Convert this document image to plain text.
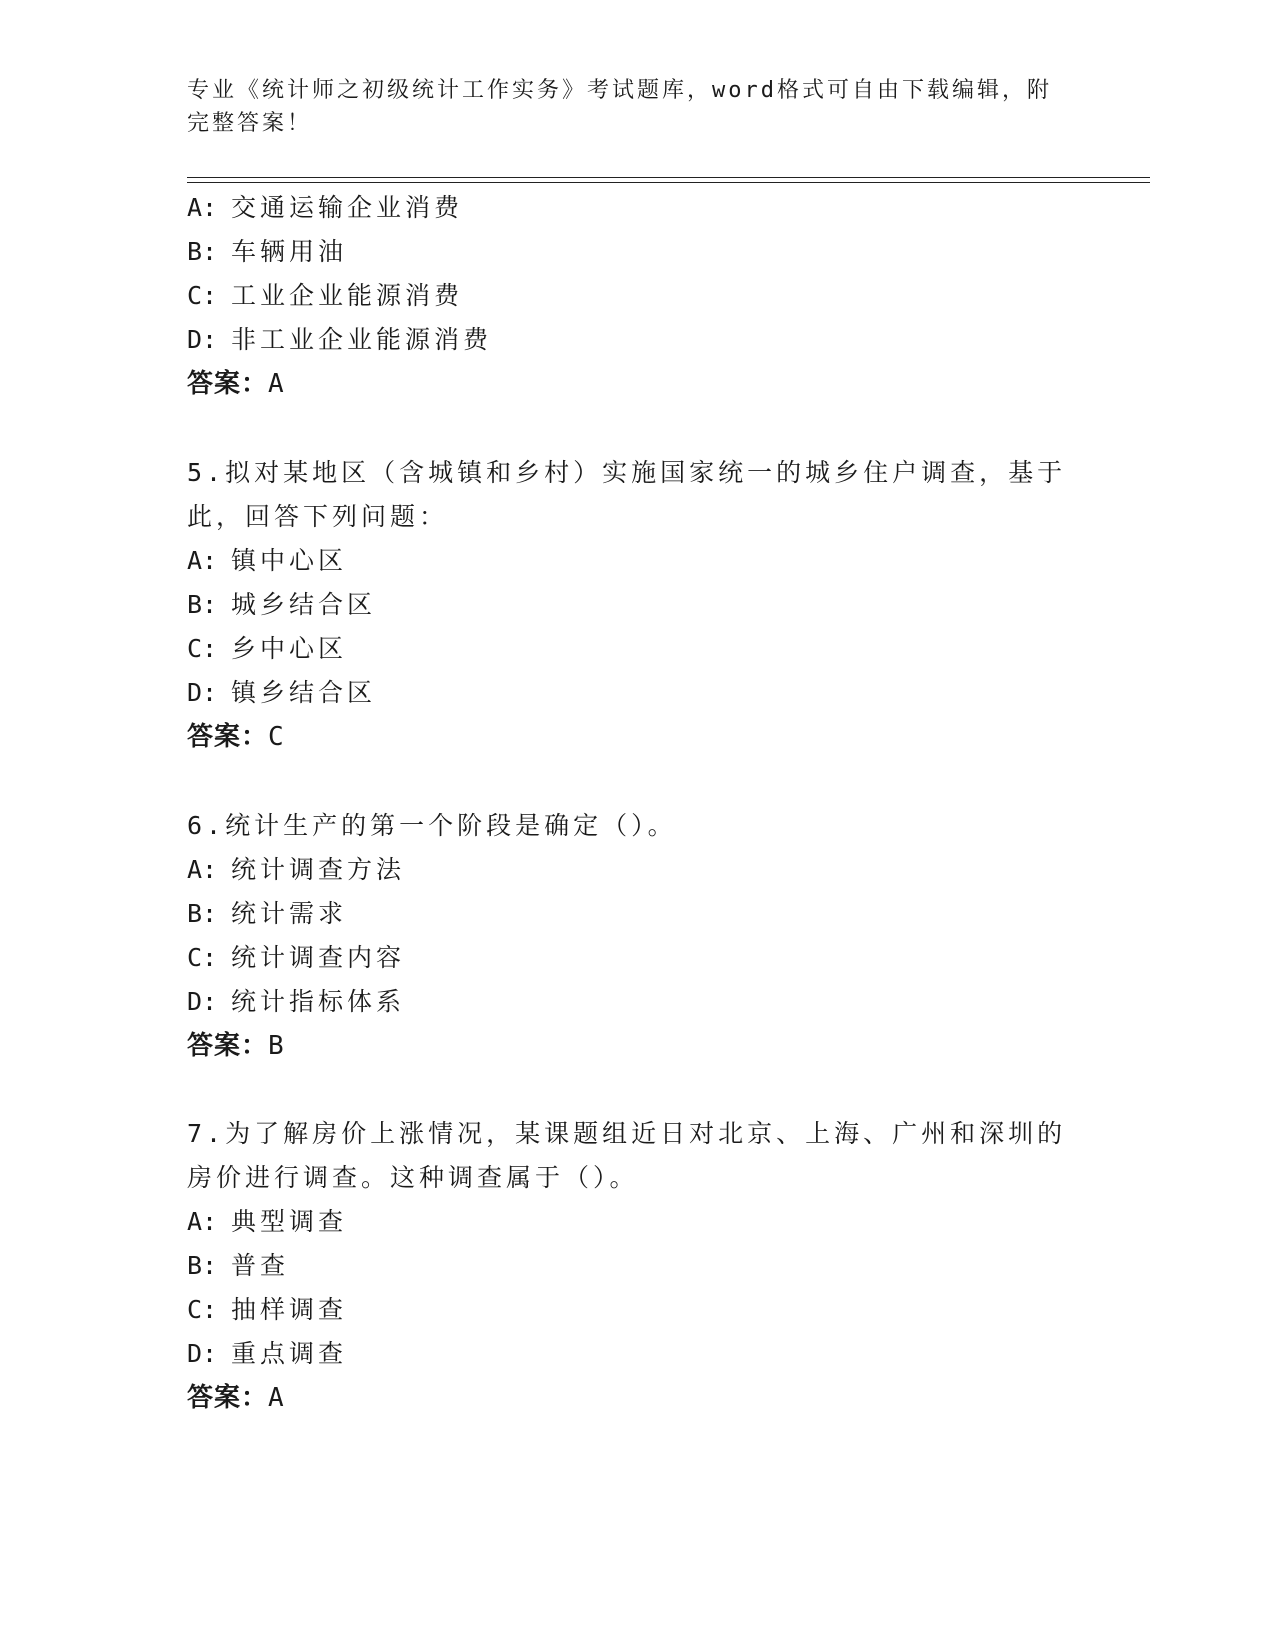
专业《统计师之初级统计工作实务》考试题库，word格式可自由下载编辑，附完整答案！
A: 交通运输企业消费
B: 车辆用油
C: 工业企业能源消费
D: 非工业企业能源消费
答案：A
5.拟对某地区（含城镇和乡村）实施国家统一的城乡住户调查，基于
此，回答下列问题：
A: 镇中心区
B: 城乡结合区
C: 乡中心区
D: 镇乡结合区
答案：C
6.统计生产的第一个阶段是确定（）。
A: 统计调查方法
B: 统计需求
C: 统计调查内容
D: 统计指标体系
答案：B
7.为了解房价上涨情况，某课题组近日对北京、上海、广州和深圳的
房价进行调查。这种调查属于（）。
A: 典型调查
B: 普查
C: 抽样调查
D: 重点调查
答案：A
